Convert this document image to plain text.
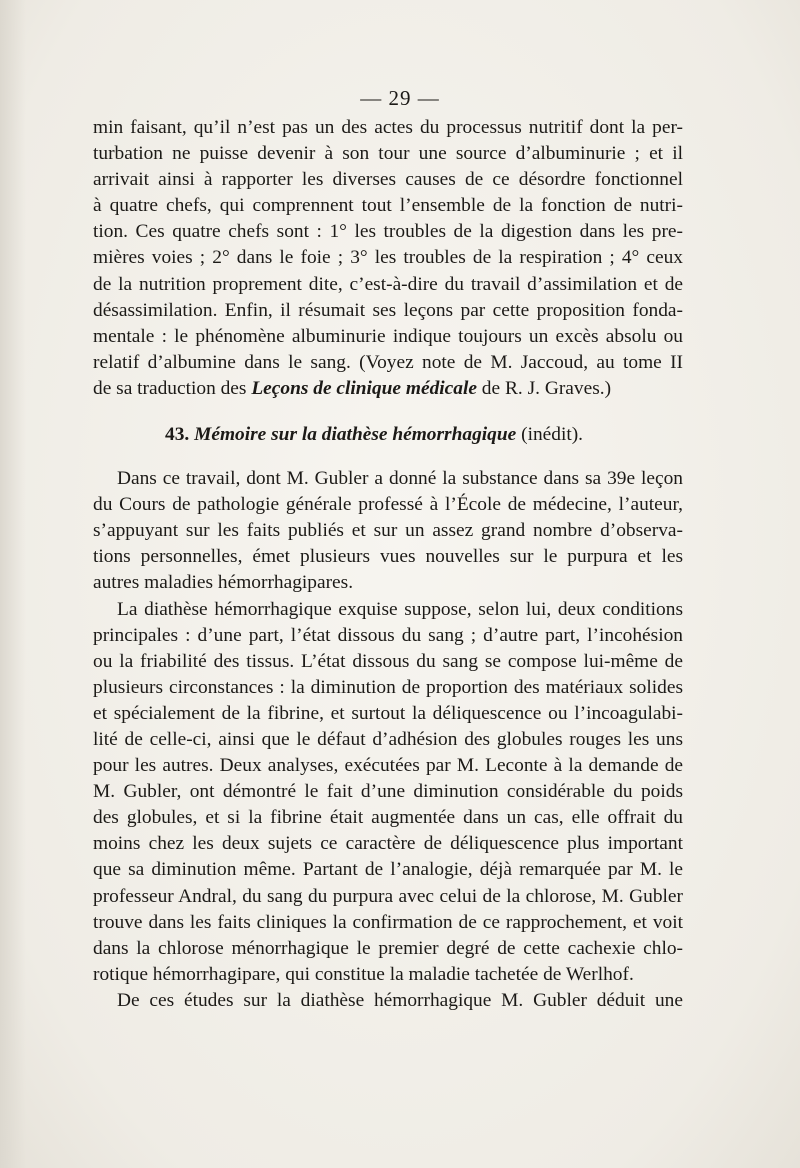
— 29 —
min faisant, qu’il n’est pas un des actes du processus nutritif dont la per-
turbation ne puisse devenir à son tour une source d’albuminurie ; et il
arrivait ainsi à rapporter les diverses causes de ce désordre fonctionnel
à quatre chefs, qui comprennent tout l’ensemble de la fonction de nutri-
tion. Ces quatre chefs sont : 1° les troubles de la digestion dans les pre-
mières voies ; 2° dans le foie ; 3° les troubles de la respiration ; 4° ceux
de la nutrition proprement dite, c’est-à-dire du travail d’assimilation et de
désassimilation. Enfin, il résumait ses leçons par cette proposition fonda-
mentale : le phénomène albuminurie indique toujours un excès absolu ou
relatif d’albumine dans le sang. (Voyez note de M. Jaccoud, au tome II
de sa traduction des Leçons de clinique médicale de R. J. Graves.)
43. Mémoire sur la diathèse hémorrhagique (inédit).
Dans ce travail, dont M. Gubler a donné la substance dans sa 39e leçon
du Cours de pathologie générale professé à l’École de médecine, l’auteur,
s’appuyant sur les faits publiés et sur un assez grand nombre d’observa-
tions personnelles, émet plusieurs vues nouvelles sur le purpura et les
autres maladies hémorrhagipares.
La diathèse hémorrhagique exquise suppose, selon lui, deux conditions
principales : d’une part, l’état dissous du sang ; d’autre part, l’incohésion
ou la friabilité des tissus. L’état dissous du sang se compose lui-même de
plusieurs circonstances : la diminution de proportion des matériaux solides
et spécialement de la fibrine, et surtout la déliquescence ou l’incoagulabi-
lité de celle-ci, ainsi que le défaut d’adhésion des globules rouges les uns
pour les autres. Deux analyses, exécutées par M. Leconte à la demande de
M. Gubler, ont démontré le fait d’une diminution considérable du poids
des globules, et si la fibrine était augmentée dans un cas, elle offrait du
moins chez les deux sujets ce caractère de déliquescence plus important
que sa diminution même. Partant de l’analogie, déjà remarquée par M. le
professeur Andral, du sang du purpura avec celui de la chlorose, M. Gubler
trouve dans les faits cliniques la confirmation de ce rapprochement, et voit
dans la chlorose ménorrhagique le premier degré de cette cachexie chlo-
rotique hémorrhagipare, qui constitue la maladie tachetée de Werlhof.
De ces études sur la diathèse hémorrhagique M. Gubler déduit une
